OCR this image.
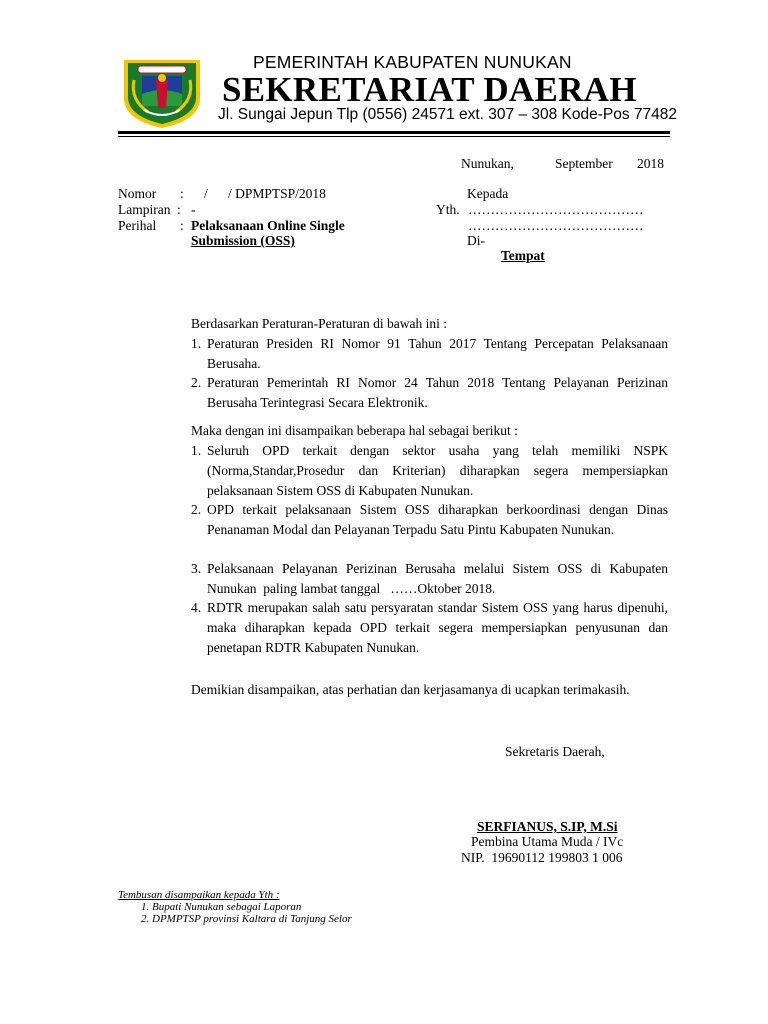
PEMERINTAH KABUPATEN NUNUKAN
SEKRETARIAT DAERAH
Jl. Sungai Jepun Tlp (0556) 24571 ext. 307 – 308 Kode-Pos 77482
Nunukan,	September 2018
Nomor : /      / DPMPTSP/2018
Lampiran : -
Perihal : Pelaksanaan Online Single
Submission (OSS)
Kepada
Yth. …………………………………
…………………………………
Di-
Tempat
Berdasarkan Peraturan-Peraturan di bawah ini :
1. Peraturan Presiden RI Nomor 91 Tahun 2017 Tentang Percepatan Pelaksanaan Berusaha.
2. Peraturan Pemerintah RI Nomor 24 Tahun 2018 Tentang Pelayanan Perizinan Berusaha Terintegrasi Secara Elektronik.
Maka dengan ini disampaikan beberapa hal sebagai berikut :
1. Seluruh OPD terkait dengan sektor usaha yang telah memiliki NSPK (Norma,Standar,Prosedur dan Kriterian) diharapkan segera mempersiapkan pelaksanaan Sistem OSS di Kabupaten Nunukan.
2. OPD terkait pelaksanaan Sistem OSS diharapkan berkoordinasi dengan Dinas Penanaman Modal dan Pelayanan Terpadu Satu Pintu Kabupaten Nunukan.
3. Pelaksanaan Pelayanan Perizinan Berusaha melalui Sistem OSS di Kabupaten Nunukan  paling lambat tanggal   ……Oktober 2018.
4. RDTR merupakan salah satu persyaratan standar Sistem OSS yang harus dipenuhi, maka diharapkan kepada OPD terkait segera mempersiapkan penyusunan dan penetapan RDTR Kabupaten Nunukan.
Demikian disampaikan, atas perhatian dan kerjasamanya di ucapkan terimakasih.
Sekretaris Daerah,
SERFIANUS, S.IP, M.Si
Pembina Utama Muda / IVc
NIP.  19690112 199803 1 006
Tembusan disampaikan kepada Yth :
1. Bupati Nunukan sebagai Laporan
2. DPMPTSP provinsi Kaltara di Tanjung Selor
